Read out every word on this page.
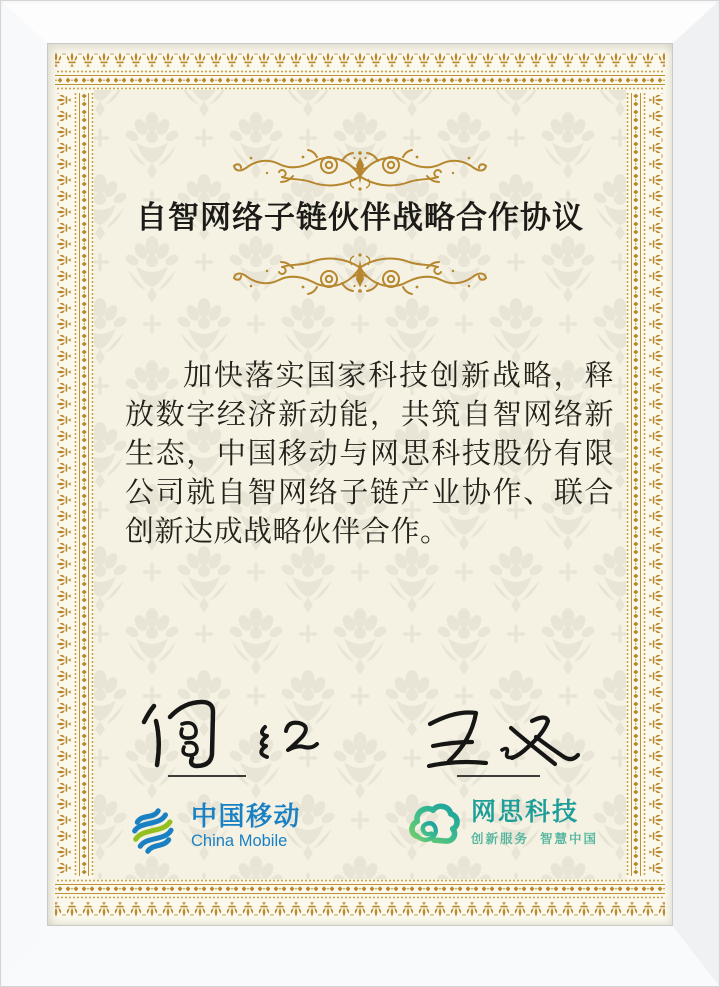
自智网络子链伙伴战略合作协议

加快落实国家科技创新战略，释放数字经济新动能，共筑自智网络新生态，中国移动与网思科技股份有限公司就自智网络子链产业协作、联合创新达成战略伙伴合作。

中国移动
China Mobile
网思科技
创新服务  智慧中国
